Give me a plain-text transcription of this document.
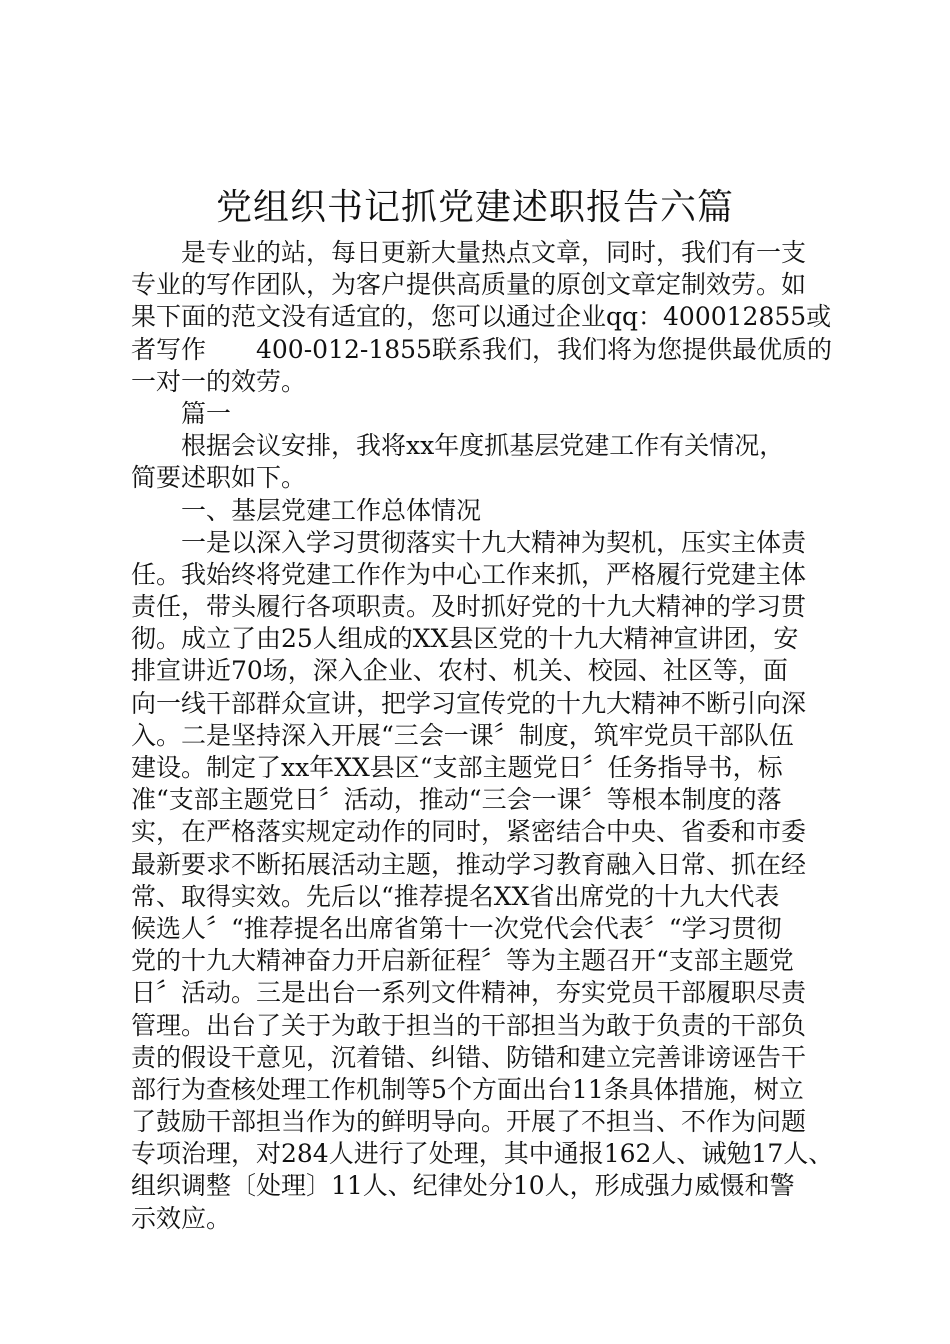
党组织书记抓党建述职报告六篇
是专业的站，每日更新大量热点文章，同时，我们有一支
专业的写作团队，为客户提供高质量的原创文章定制效劳。如
果下面的范文没有适宜的，您可以通过企业qq：400012855或
者写作　　400-012-1855联系我们，我们将为您提供最优质的
一对一的效劳。
篇一
根据会议安排，我将xx年度抓基层党建工作有关情况，
简要述职如下。
一、基层党建工作总体情况
一是以深入学习贯彻落实十九大精神为契机，压实主体责
任。我始终将党建工作作为中心工作来抓，严格履行党建主体
责任，带头履行各项职责。及时抓好党的十九大精神的学习贯
彻。成立了由25人组成的XX县区党的十九大精神宣讲团，安
排宣讲近70场，深入企业、农村、机关、校园、社区等，面
向一线干部群众宣讲，把学习宣传党的十九大精神不断引向深
入。二是坚持深入开展“三会一课〞制度，筑牢党员干部队伍
建设。制定了xx年XX县区“支部主题党日〞任务指导书，标
准“支部主题党日〞活动，推动“三会一课〞等根本制度的落
实，在严格落实规定动作的同时，紧密结合中央、省委和市委
最新要求不断拓展活动主题，推动学习教育融入日常、抓在经
常、取得实效。先后以“推荐提名XX省出席党的十九大代表
候选人〞“推荐提名出席省第十一次党代会代表〞“学习贯彻
党的十九大精神奋力开启新征程〞等为主题召开“支部主题党
日〞活动。三是出台一系列文件精神，夯实党员干部履职尽责
管理。出台了关于为敢于担当的干部担当为敢于负责的干部负
责的假设干意见，沉着错、纠错、防错和建立完善诽谤诬告干
部行为查核处理工作机制等5个方面出台11条具体措施，树立
了鼓励干部担当作为的鲜明导向。开展了不担当、不作为问题
专项治理，对284人进行了处理，其中通报162人、诫勉17人、
组织调整〔处理〕11人、纪律处分10人，形成强力威慑和警
示效应。
